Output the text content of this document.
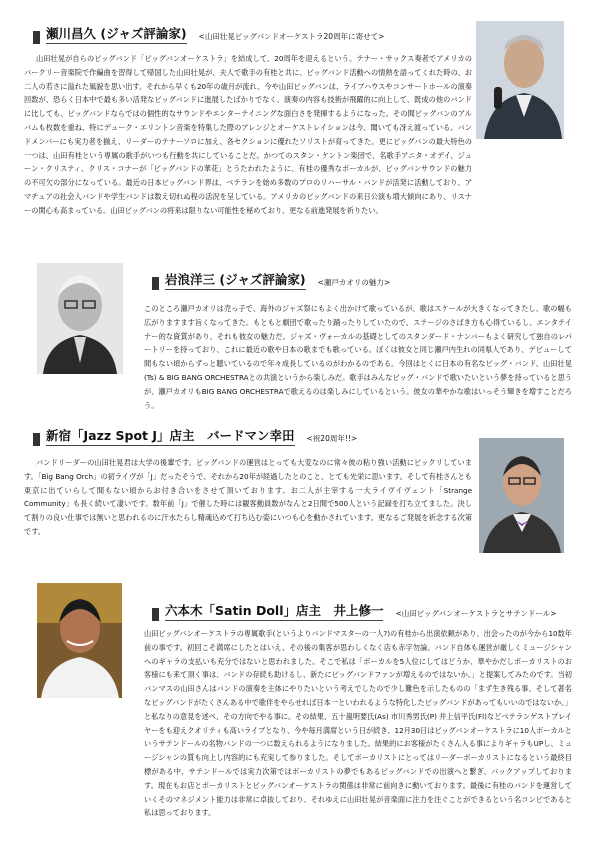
瀬川昌久 (ジャズ評論家) <山田壮晃ビッグバンドオーケストラ20周年に寄せて>

山田壮晃が自らのビッグバンド「ビッグバンオーケストラ」を結成して、20周年を迎えるという。テナー・サックス奏者でアメリカのバークリー音楽院で作編曲を習得して帰国した山田壮晃が、夫人で歌手の有桂と共に、ビッグバンド活動への情熱を語ってくれた時の、お二人の若さに溢れた風貌を思い出す。それから早くも20年の歳月が流れ、今や山田ビッグバンは、ライブハウスやコンサートホールの演奏回数が、恐らく日本中で最も多い活発なビッグバンドに進展したばかりでなく、演奏の内容も技術が飛躍的に向上して、既成の他のバンドに比しても、ビッグバンドならではの個性的なサウンドやエンターテイニングな面白さを発揮するようになった。その間ビッグバンのアルバムも枚数を重ね、特にデューク・エリントン音楽を特集した際のアレンジとオーケストレイションは今、聞いても冴え渡っている。バンドメンバーにも実力者を揃え、リーダーのテナーソロに加え、各セクションに優れたソリストが育ってきた。更にビッグバンの最大特色の一つは、山田有桂という専属の歌手がいつも行動を共にしていることだ。かつてのスタン・ケントン楽団で、名歌手アニタ・オデイ、ジューン・クリスティ、クリス・コナーが「ビッグバンドの華花」とうたわれたように、有桂の優秀なボーカルが、ビッグバンサウンドの魅力の不可欠の部分になっている。最近の日本ビッグバンド界は、ベテランを始め多数のプロのリハーサル・バンドが活発に活動しており、アマチュアの社会人バンドや学生バンドは数え切れぬ程の活況を呈している。アメリカのビッグバンドの来日公演も増大傾向にあり、リスナーの関心も高まっている。山田ビッグバンの将来は限りない可能性を秘めており、更なる前進発展を祈りたい。

岩浪洋三 (ジャズ評論家) <瀬戸カオリの魅力>

このところ瀬戸カオリは売っ子で、海外のジャズ祭にもよく出かけて歌っているが、歌はスケールが大きくなってきたし、歌の幅も広がりますます旨くなってきた。もともと劇団で歌ったり踊ったりしていたので、ステージのさばき方も心得ているし、エンタテイナー的な資質があり、それも彼女の魅力だ。ジャズ・ヴォーカルの基礎としてのスタンダード・ナンバーもよく研究して独自のレパートリーを持っており、これに最近の歌や日本の歌までも歌っている。ぼくは彼女と同じ瀬戸内生れの同県人であり、デビューして間もない頃からずっと聴いているので年々成長しているのがわかるのである。今回はとくに日本の有名なビッグ・バンド、山田壮晃(Ts) & BIG BANG ORCHESTRAとの共演というから楽しみだ。歌手はみんなビッグ・バンドで歌いたいという夢を持っていると思うが、瀬戸カオリもBIG BANG ORCHESTRAで歌えるのは楽しみにしているという。彼女の華やかな歌はいっそう輝きを増すことだろう。

新宿「Jazz Spot J」店主　バードマン幸田 <祝20周年!!>

バンドリーダーの山田壮晃君は大学の後輩です。ビッグバンドの運営はとっても大変なのに常々彼の粘り強い活動にビックリしています。「Big Bang Orch」の初ライヴが「J」だったそうで、それから20年が経過したとのこと、とても光栄に思います。そして有桂さんとも東京に出ていらして間もない頃からお付き合いをさせて頂いております。お二人が主宰する一大ライヴイヴェント「Strange Community」も長く続いて凄いです。数年前「J」で催した時には観客動員数がなんと2日間で500人という記録を打ち立てました。決して割りの良い仕事では無いと思われるのに汗水たらし精魂込めて打ち込む姿にいつも心を動かされています。更なるご発展を祈念する次第です。

六本木「Satin Doll」店主　井上修一 <山田ビッグバンオーケストラとサテンドール>

山田ビッグバンオーケストラの専属歌手(というよりバンドマスターの一人?)の有桂から出演依頼があり、出会ったのが今から10数年前の事です。初回こそ満席にしたとはいえ、その後の集客が思わしくなく店も赤字勿論、バンド自体も運営が厳しくミュージシャンへのギャラの支払いも充分ではないと思われました。そこで私は「ボーカルを5人位にしてはどうか、華やかだしボーカリストのお客様にも来て頂く事は、バンドの存続も助けるし、新たにビッグバンドファンが増えるのではないか。」と提案してみたのです。当初バンマスの山田さんはバンドの演奏を主体にやりたいという考えでしたので少し難色を示したものの「まず生き残る事、そして著名なビッグバンドがたくさんある中で歌伴をやらせれば日本一といわれるような特化したビッグバンドがあってもいいのではないか。」と私なりの意見を述べ、その方向でやる事に。その結果、五十嵐明要氏(As) 市川秀男氏(P) 井上信平氏(Fl)などベテランゲストプレイヤーをも迎えクオリティも高いライブとなり、今や毎月満席という日が続き、12月30日はビッグバンオーケストラに10人ボーカルというサテンドールの名物バンドの一つに数えられるようになりました。結果的にお客様がたくさん入る事によりギャラもUPし、ミュージシャンの質も向上し内容的にも充実して参りました。そしてボーカリストにとってはリーダーボーカリストになるという最終目標がある中、サテンドールでは実力次第ではボーカリストの夢でもあるビッグバンドでの出演へと繋ぎ、バックアップしております。現在もお店とボーカリストとビッグバンオーケストラの関係は非常に前向きに動いております。最後に有桂のバンドを運営していくそのマネジメント能力は非常に卓抜しており、それゆえに山田壮晃が音楽面に注力を注ぐことができるという名コンビであると私は思っております。
